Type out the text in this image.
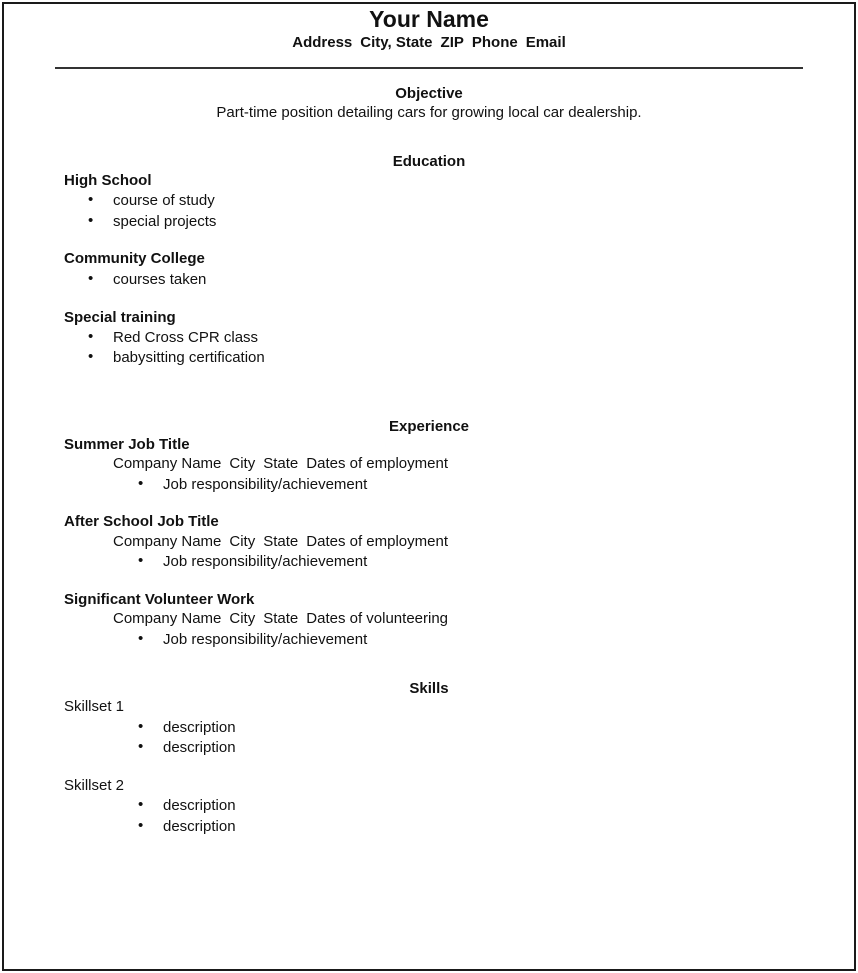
Your Name
Address City, State ZIP Phone Email
Objective
Part-time position detailing cars for growing local car dealership.
Education
High School
• course of study
• special projects
Community College
• courses taken
Special training
• Red Cross CPR class
• babysitting certification
Experience
Summer Job Title
Company Name City State Dates of employment
• Job responsibility/achievement
After School Job Title
Company Name City State Dates of employment
• Job responsibility/achievement
Significant Volunteer Work
Company Name City State Dates of volunteering
• Job responsibility/achievement
Skills
Skillset 1
• description
• description
Skillset 2
• description
• description
